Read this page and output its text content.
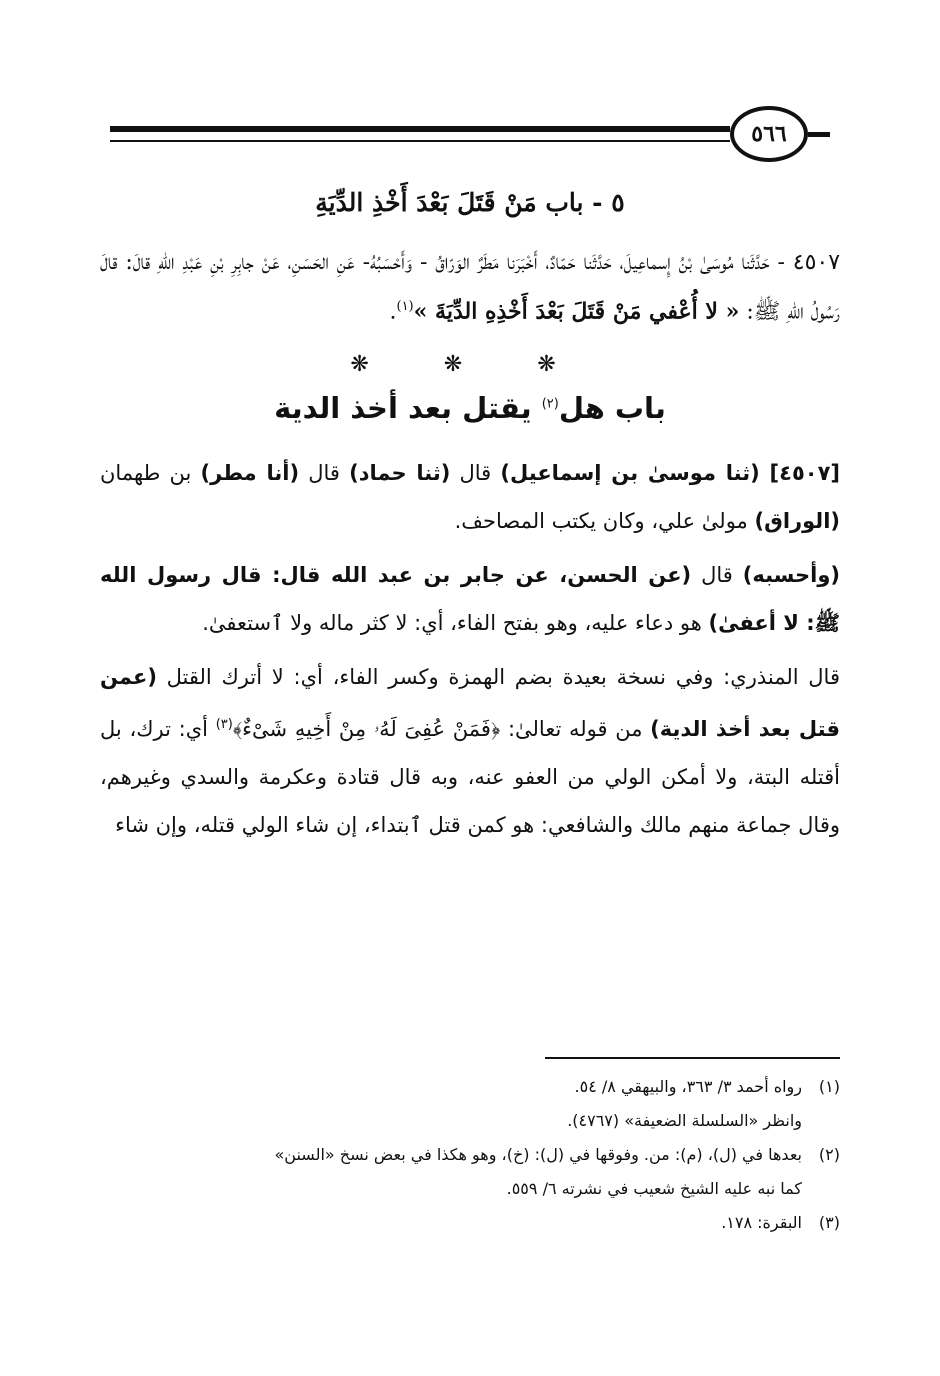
٥٦٦
٥ - باب مَنْ قَتَلَ بَعْدَ أَخْذِ الدِّيَةِ

٤٥٠٧ - حَدَّثَنا مُوسَىٰ بْنُ إِسماعِيلَ، حَدَّثَنا حَمّادٌ، أَخْبَرَنا مَطَرٌ الوَرّاقُ - وَأَحْسَبُهُ- عَنِ الحَسَنِ، عَنْ جابِرِ بْنِ عَبْدِ اللهِ قالَ: قالَ رَسُولُ اللهِ ﷺ: « لا أُعْفي مَنْ قَتَلَ بَعْدَ أَخْذِهِ الدِّيَةَ »$^{(١)}$.

❋ ❋ ❋
باب هل$^{(٢)}$ يقتل بعد أخذ الدية

[٤٥٠٧] (ثنا موسىٰ بن إسماعيل) قال (ثنا حماد) قال (أنا مطر) بن طهمان (الوراق) مولىٰ علي، وكان يكتب المصاحف.

(وأحسبه) قال (عن الحسن، عن جابر بن عبد الله قال: قال رسول الله ﷺ: لا أعفىٰ) هو دعاء عليه، وهو بفتح الفاء، أي: لا كثر ماله ولا ٱستعفىٰ.

قال المنذري: وفي نسخة بعيدة بضم الهمزة وكسر الفاء، أي: لا أترك القتل (عمن قتل بعد أخذ الدية) من قوله تعالىٰ: ﴿فَمَنْ عُفِىَ لَهُۥ مِنْ أَخِيهِ شَىْءٌ﴾$^{(٣)}$ أي: ترك، بل أقتله البتة، ولا أمكن الولي من العفو عنه، وبه قال قتادة وعكرمة والسدي وغيرهم، وقال جماعة منهم مالك والشافعي: هو كمن قتل ٱبتداء، إن شاء الولي قتله، وإن شاء

(١)
رواه أحمد ٣/ ٣٦٣، والبيهقي ٨/ ٥٤.
وانظر «السلسلة الضعيفة» (٤٧٦٧).
(٢)
بعدها في (ل)، (م): من. وفوقها في (ل): (خ)، وهو هكذا في بعض نسخ «السنن»
كما نبه عليه الشيخ شعيب في نشرته ٦/ ٥٥٩.
(٣)
البقرة: ١٧٨.
